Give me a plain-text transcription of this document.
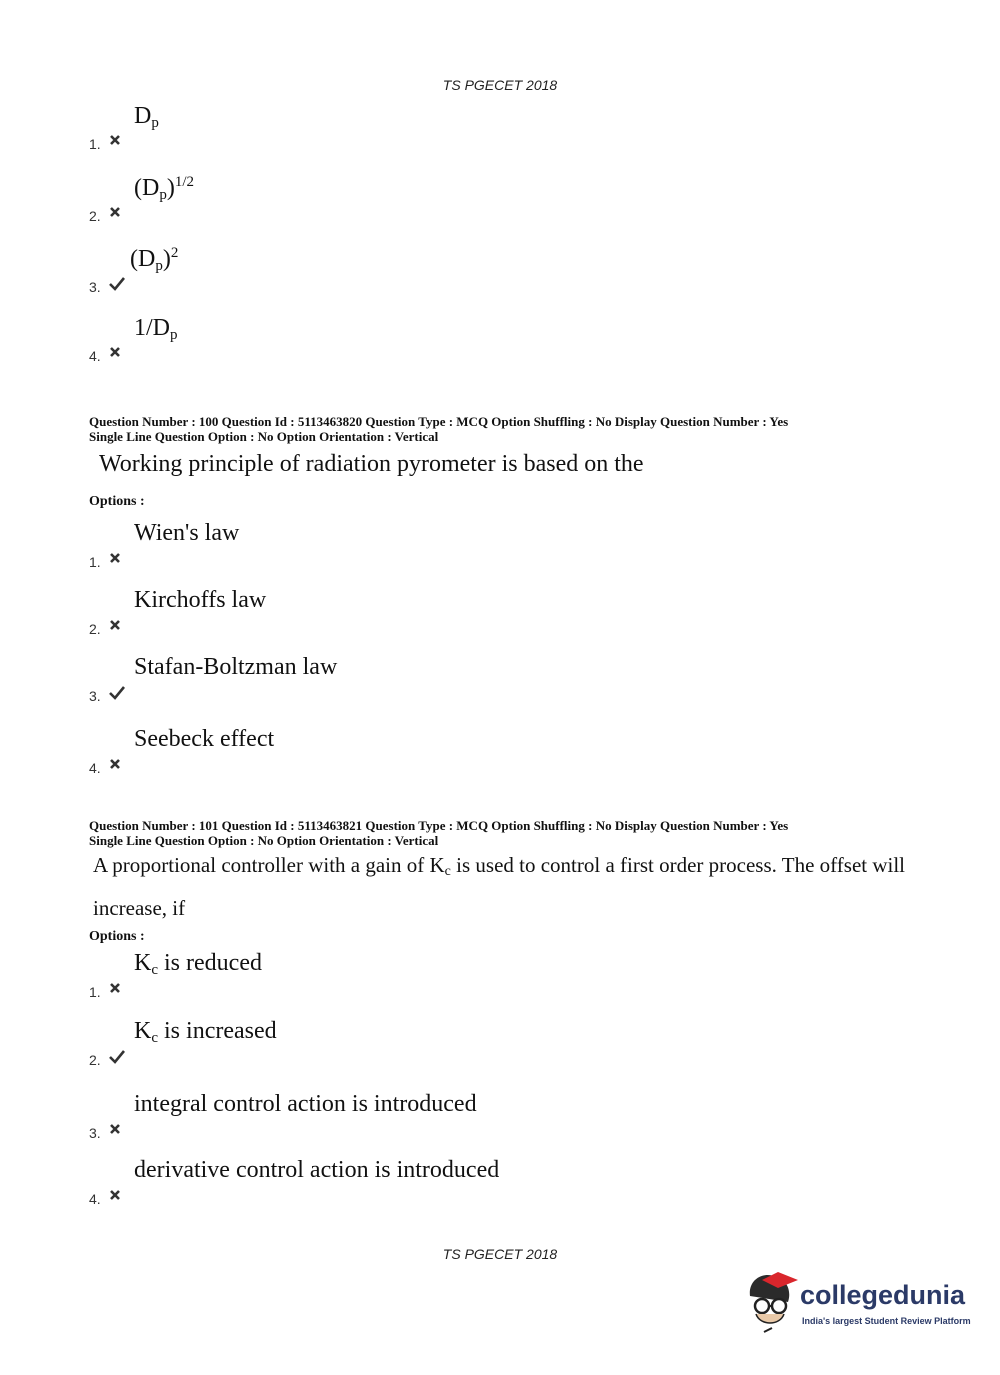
TS PGECET 2018
1.
$D_p$
2.
$(D_p)^{1/2}$
3.
$(D_p)^2$
4.
$1/D_p$
Question Number : 100 Question Id : 5113463820 Question Type : MCQ Option Shuffling : No Display Question Number : Yes
Single Line Question Option : No Option Orientation : Vertical
Working principle of radiation pyrometer is based on the
Options :
1.
Wien's law
2.
Kirchoffs law
3.
Stafan-Boltzman law
4.
Seebeck effect
Question Number : 101 Question Id : 5113463821 Question Type : MCQ Option Shuffling : No Display Question Number : Yes
Single Line Question Option : No Option Orientation : Vertical
A proportional controller with a gain of $K_c$ is used to control a first order process. The offset will
increase, if
Options :
1.
$K_c$ is reduced
2.
$K_c$ is increased
3.
integral control action is introduced
4.
derivative control action is introduced
TS PGECET 2018
collegedunia
India's largest Student Review Platform
